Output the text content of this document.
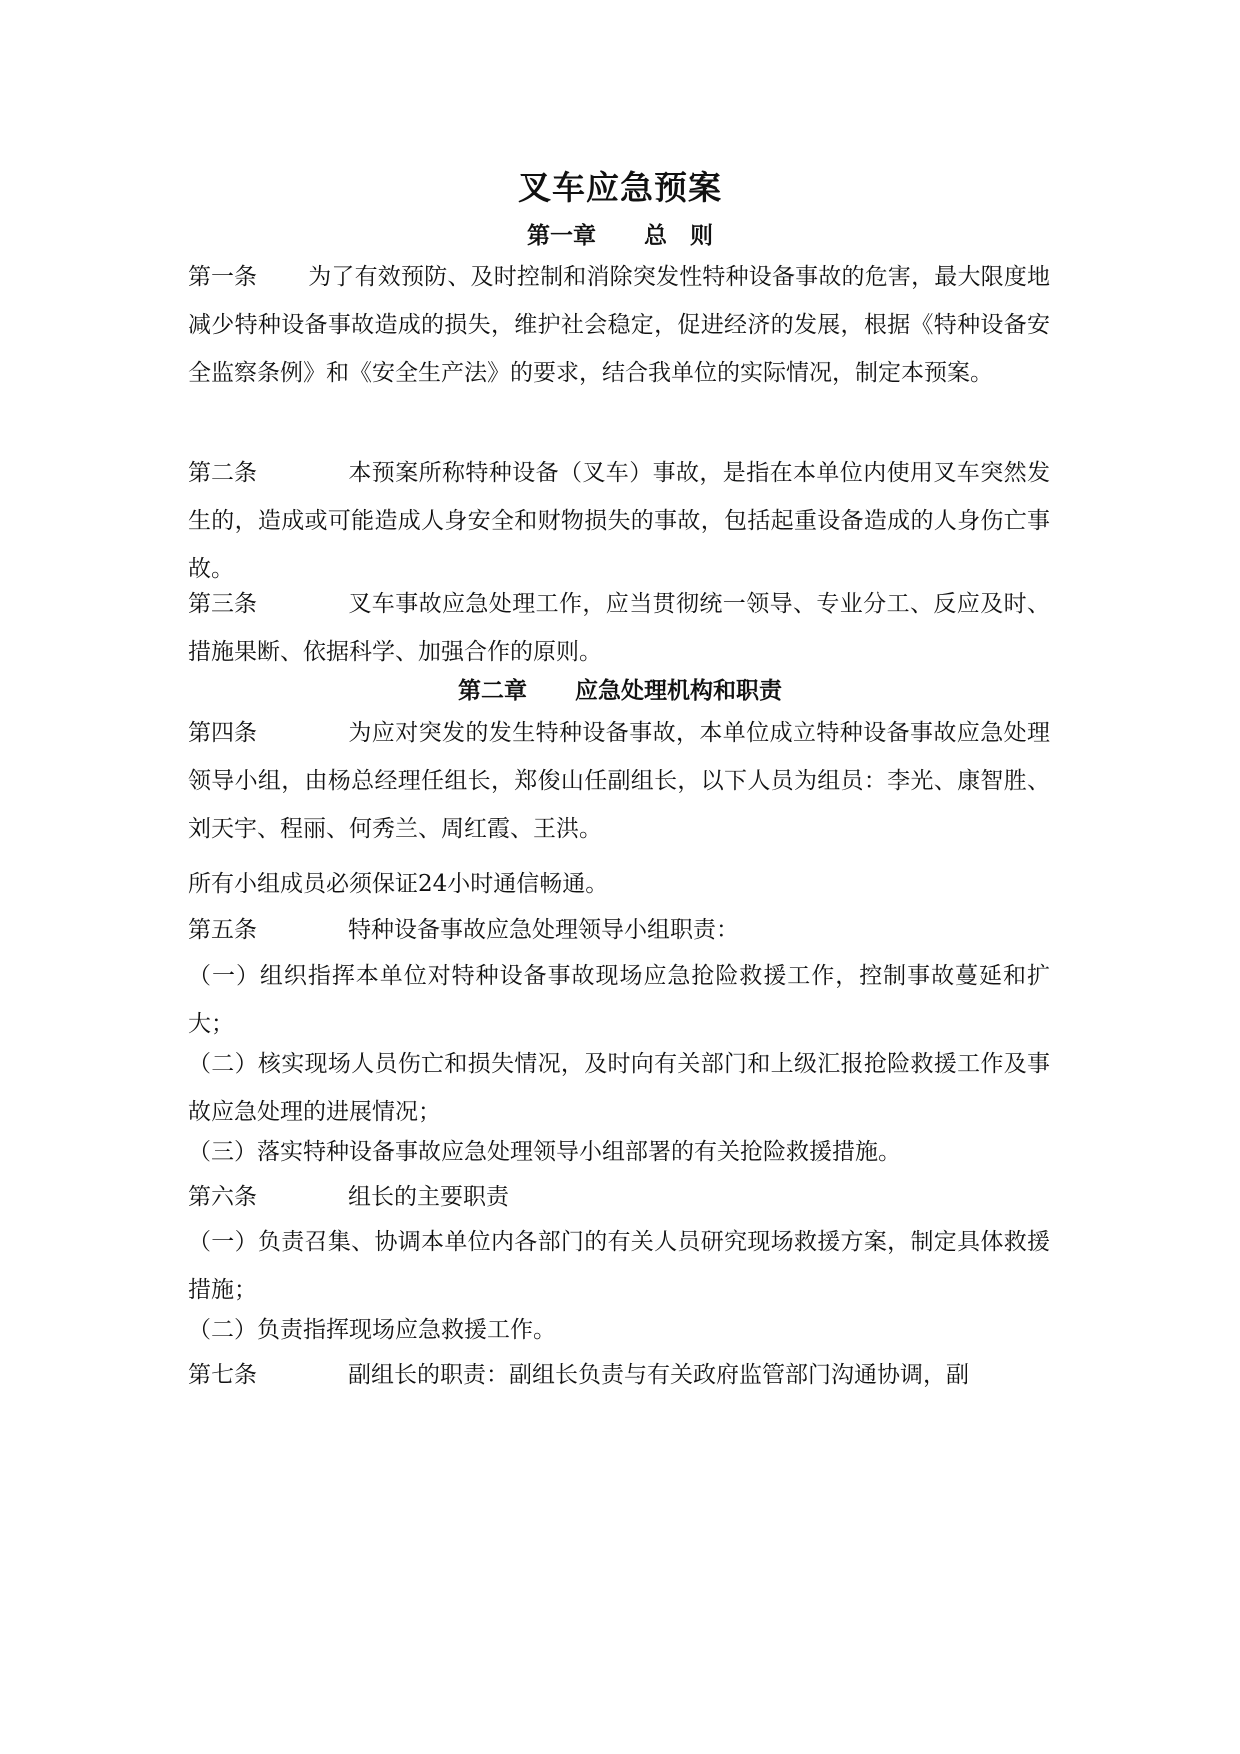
叉车应急预案
第一章 总　则
第一条 为了有效预防、及时控制和消除突发性特种设备事故的危害，最大限度地减少特种设备事故造成的损失，维护社会稳定，促进经济的发展，根据《特种设备安全监察条例》和《安全生产法》的要求，结合我单位的实际情况，制定本预案。
第二条	本预案所称特种设备（叉车）事故，是指在本单位内使用叉车突然发生的，造成或可能造成人身安全和财物损失的事故，包括起重设备造成的人身伤亡事故。
第三条	叉车事故应急处理工作，应当贯彻统一领导、专业分工、反应及时、措施果断、依据科学、加强合作的原则。
第二章 应急处理机构和职责
第四条	为应对突发的发生特种设备事故，本单位成立特种设备事故应急处理领导小组，由杨总经理任组长，郑俊山任副组长，以下人员为组员：李光、康智胜、刘天宇、程丽、何秀兰、周红霞、王洪。
所有小组成员必须保证24小时通信畅通。
第五条	特种设备事故应急处理领导小组职责：
（一）组织指挥本单位对特种设备事故现场应急抢险救援工作，控制事故蔓延和扩大；
（二）核实现场人员伤亡和损失情况，及时向有关部门和上级汇报抢险救援工作及事故应急处理的进展情况；
（三）落实特种设备事故应急处理领导小组部署的有关抢险救援措施。
第六条	组长的主要职责
（一）负责召集、协调本单位内各部门的有关人员研究现场救援方案，制定具体救援措施；
（二）负责指挥现场应急救援工作。
第七条	副组长的职责：副组长负责与有关政府监管部门沟通协调，副
